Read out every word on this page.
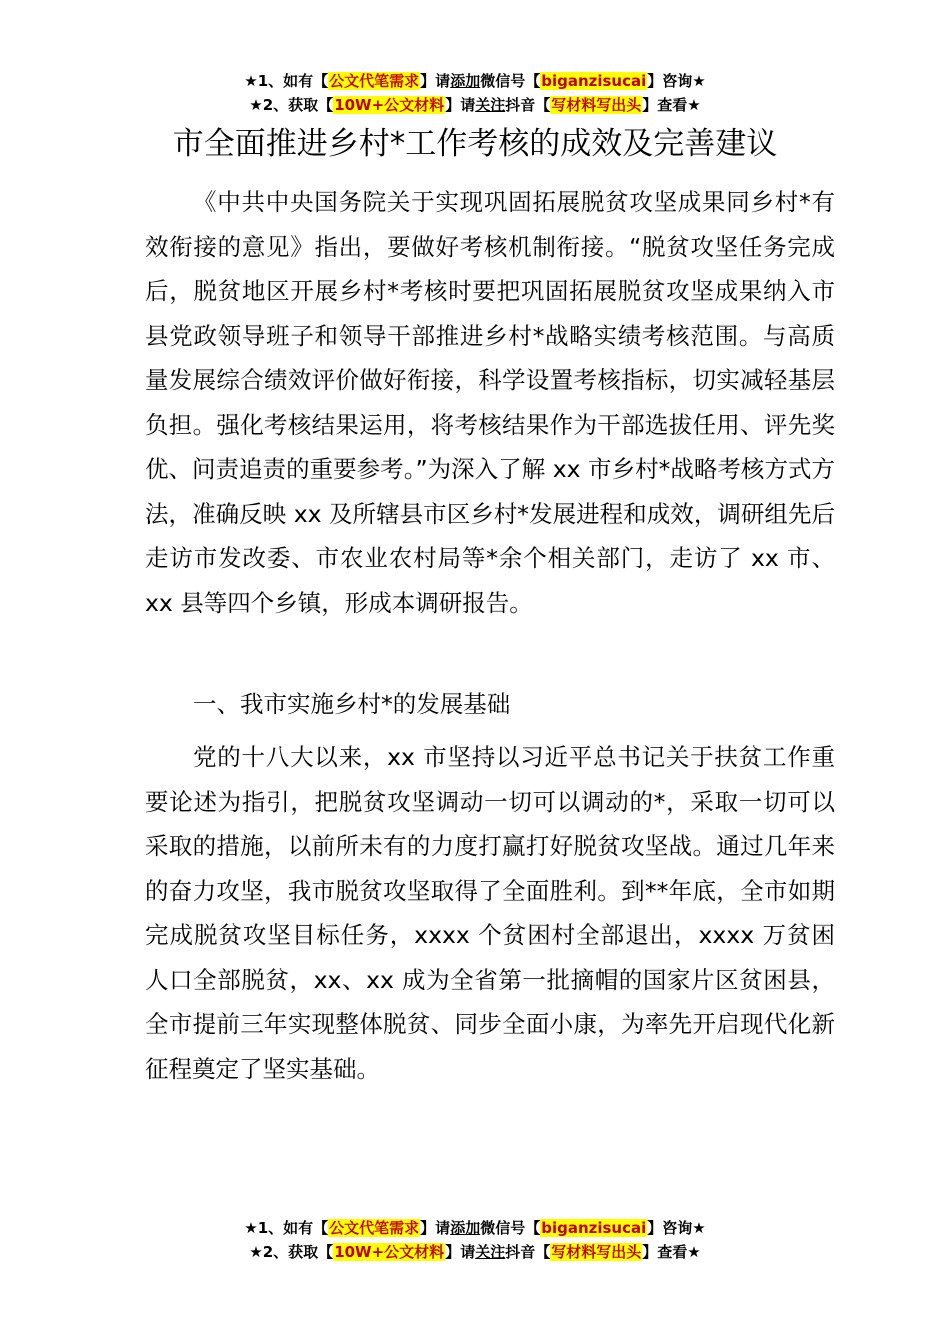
★1、如有【公文代笔需求】请添加微信号【biganzisucai】咨询★
★2、获取【10W+公文材料】请关注抖音【写材料写出头】查看★
市全面推进乡村*工作考核的成效及完善建议

《中共中央国务院关于实现巩固拓展脱贫攻坚成果同乡村*有效衔接的意见》指出，要做好考核机制衔接。“脱贫攻坚任务完成后，脱贫地区开展乡村*考核时要把巩固拓展脱贫攻坚成果纳入市县党政领导班子和领导干部推进乡村*战略实绩考核范围。与高质量发展综合绩效评价做好衔接，科学设置考核指标，切实减轻基层负担。强化考核结果运用，将考核结果作为干部选拔任用、评先奖优、问责追责的重要参考。”为深入了解 xx 市乡村*战略考核方式方法，准确反映 xx 及所辖县市区乡村*发展进程和成效，调研组先后走访市发改委、市农业农村局等*余个相关部门，走访了 xx 市、xx 县等四个乡镇，形成本调研报告。

一、我市实施乡村*的发展基础

党的十八大以来，xx 市坚持以习近平总书记关于扶贫工作重要论述为指引，把脱贫攻坚调动一切可以调动的*，采取一切可以采取的措施，以前所未有的力度打赢打好脱贫攻坚战。通过几年来的奋力攻坚，我市脱贫攻坚取得了全面胜利。到**年底，全市如期完成脱贫攻坚目标任务，xxxx 个贫困村全部退出，xxxx 万贫困人口全部脱贫，xx、xx 成为全省第一批摘帽的国家片区贫困县，全市提前三年实现整体脱贫、同步全面小康，为率先开启现代化新征程奠定了坚实基础。

★1、如有【公文代笔需求】请添加微信号【biganzisucai】咨询★
★2、获取【10W+公文材料】请关注抖音【写材料写出头】查看★
